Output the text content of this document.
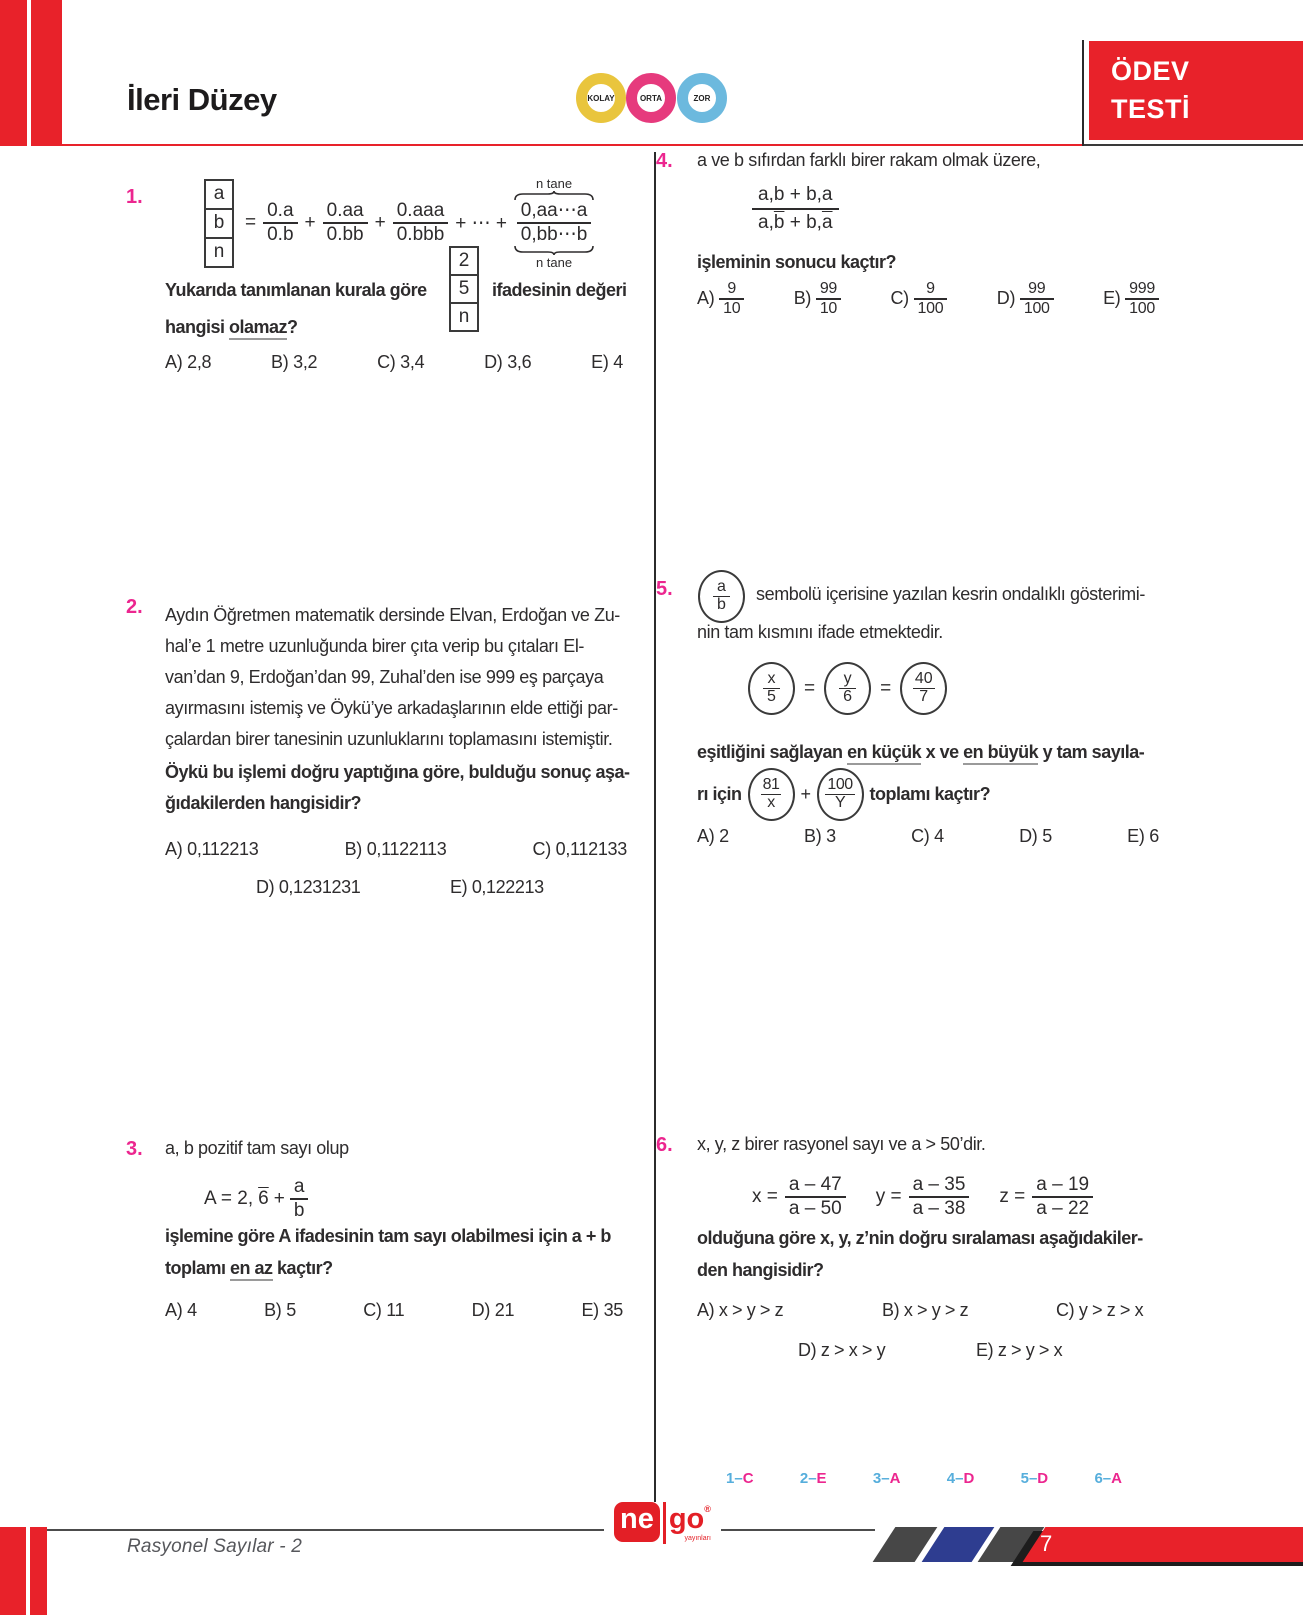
İleri Düzey	KOLAY	ORTA	ZOR
ÖDEV
TESTİ
1.	a
b
n
= $\frac{0.a}{0.b} + \frac{0.aa}{0.bb}$ +
0.aaa
0.bbb
+ ⋯ +
n tane
$\frac{0,aa\cdots a}{0,bb\cdots b}$
n tane
2
5
n
Yukarıda tanımlanan kurala göre	ifadesinin değeri
hangisi olamaz?
A) 2,8	B) 3,2	C) 3,4	D) 3,6	E) 4
2. Aydın Öğretmen matematik dersinde Elvan, Erdoğan ve Zu-
hal’e 1 metre uzunluğunda birer çıta verip bu çıtaları El-
van’dan 9, Erdoğan’dan 99, Zuhal’den ise 999 eş parçaya
ayırmasını istemiş ve Öykü’ye arkadaşlarının elde ettiği par-
çalardan birer tanesinin uzunluklarını toplamasını istemiştir.
Öykü bu işlemi doğru yaptığına göre, bulduğu sonuç aşa-
ğıdakilerden hangisidir?
A) 0,112213	B) 0,1122113	C) 0,112133
D) 0,1231231	E) 0,122213
3. a, b pozitif tam sayı olup
A = 2, $6 + \frac{a}{b}$
işlemine göre A ifadesinin tam sayı olabilmesi için a + b
toplamı en az kaçtır?
A) 4	B) 5	C) 11	D) 21	E) 35
4. a ve b sıfırdan farklı birer rakam olmak üzere,
$\frac{a,b + b,a}{a,\overline{b} + b,\overline{a}}$
işleminin sonucu kaçtır?
$A) \frac{9}{10}$	$B) \frac{99}{10}$	$C) \frac{9}{100}$	$D) \frac{99}{100}$	$E) \frac{999}{100}$
5.	$\frac{a}{b}$ sembolü içerisine yazılan kesrin ondalıklı gösterimi-
nin tam kısmını ifade etmektedir.
$\frac{x}{5} = \frac{y}{6} = \frac{40}{7}$
eşitliğini sağlayan en küçük x ve en büyük y tam sayıla-
rı için $\frac{81}{x} + \frac{100}{Y}$ toplamı kaçtır?
A) 2	B) 3	C) 4	D) 5	E) 6
6. x, y, z birer rasyonel sayı ve a > 50’dir.
$x = \frac{a - 47}{a - 50}$ $y = \frac{a - 35}{a - 38}$ $z = \frac{a - 19}{a - 22}$
olduğuna göre x, y, z’nin doğru sıralaması aşağıdakiler-
den hangisidir?
A) x > y > z	B) x > y > z	C) y > z > x
D) z > x > y	E) z > y > x
1–C	2–E	3–A	4–D	5–D	6–A
Rasyonel Sayılar - 2
ne go®
yayınları	7
